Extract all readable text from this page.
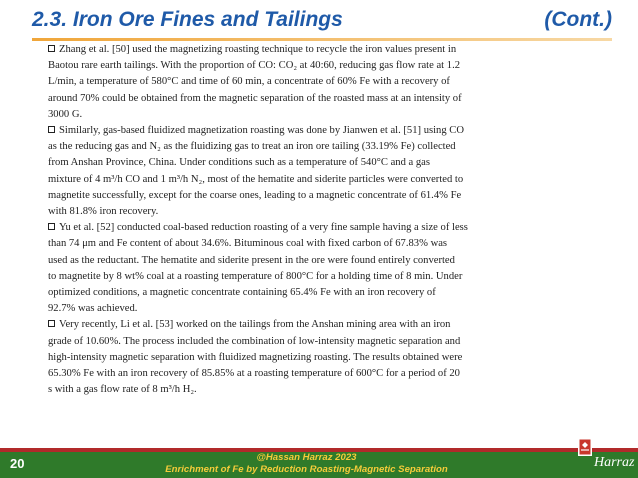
2.3. Iron Ore Fines and Tailings	(Cont.)
Zhang et al. [50] used the magnetizing roasting technique to recycle the iron values present in
Baotou rare earth tailings. With the proportion of CO: CO₂ at 40:60, reducing gas flow rate at 1.2
L/min, a temperature of 580°C and time of 60 min, a concentrate of 60% Fe with a recovery of
around 70% could be obtained from the magnetic separation of the roasted mass at an intensity of
3000 G.
Similarly, gas-based fluidized magnetization roasting was done by Jianwen et al. [51] using CO
as the reducing gas and N₂ as the fluidizing gas to treat an iron ore tailing (33.19% Fe) collected
from Anshan Province, China. Under conditions such as a temperature of 540°C and a gas
mixture of 4 m³/h CO and 1 m³/h N₂, most of the hematite and siderite particles were converted to
magnetite successfully, except for the coarse ones, leading to a magnetic concentrate of 61.4% Fe
with 81.8% iron recovery.
Yu et al. [52] conducted coal-based reduction roasting of a very fine sample having a size of less
than 74 μm and Fe content of about 34.6%. Bituminous coal with fixed carbon of 67.83% was
used as the reductant. The hematite and siderite present in the ore were found entirely converted
to magnetite by 8 wt% coal at a roasting temperature of 800°C for a holding time of 8 min. Under
optimized conditions, a magnetic concentrate containing 65.4% Fe with an iron recovery of
92.7% was achieved.
Very recently, Li et al. [53] worked on the tailings from the Anshan mining area with an iron
grade of 10.60%. The process included the combination of low-intensity magnetic separation and
high-intensity magnetic separation with fluidized magnetizing roasting. The results obtained were
65.30% Fe with an iron recovery of 85.85% at a roasting temperature of 600°C for a period of 20
s with a gas flow rate of 8 m³/h H₂.
20	@Hassan Harraz 2023
Enrichment of Fe by Reduction Roasting-Magnetic Separation	Harraz
